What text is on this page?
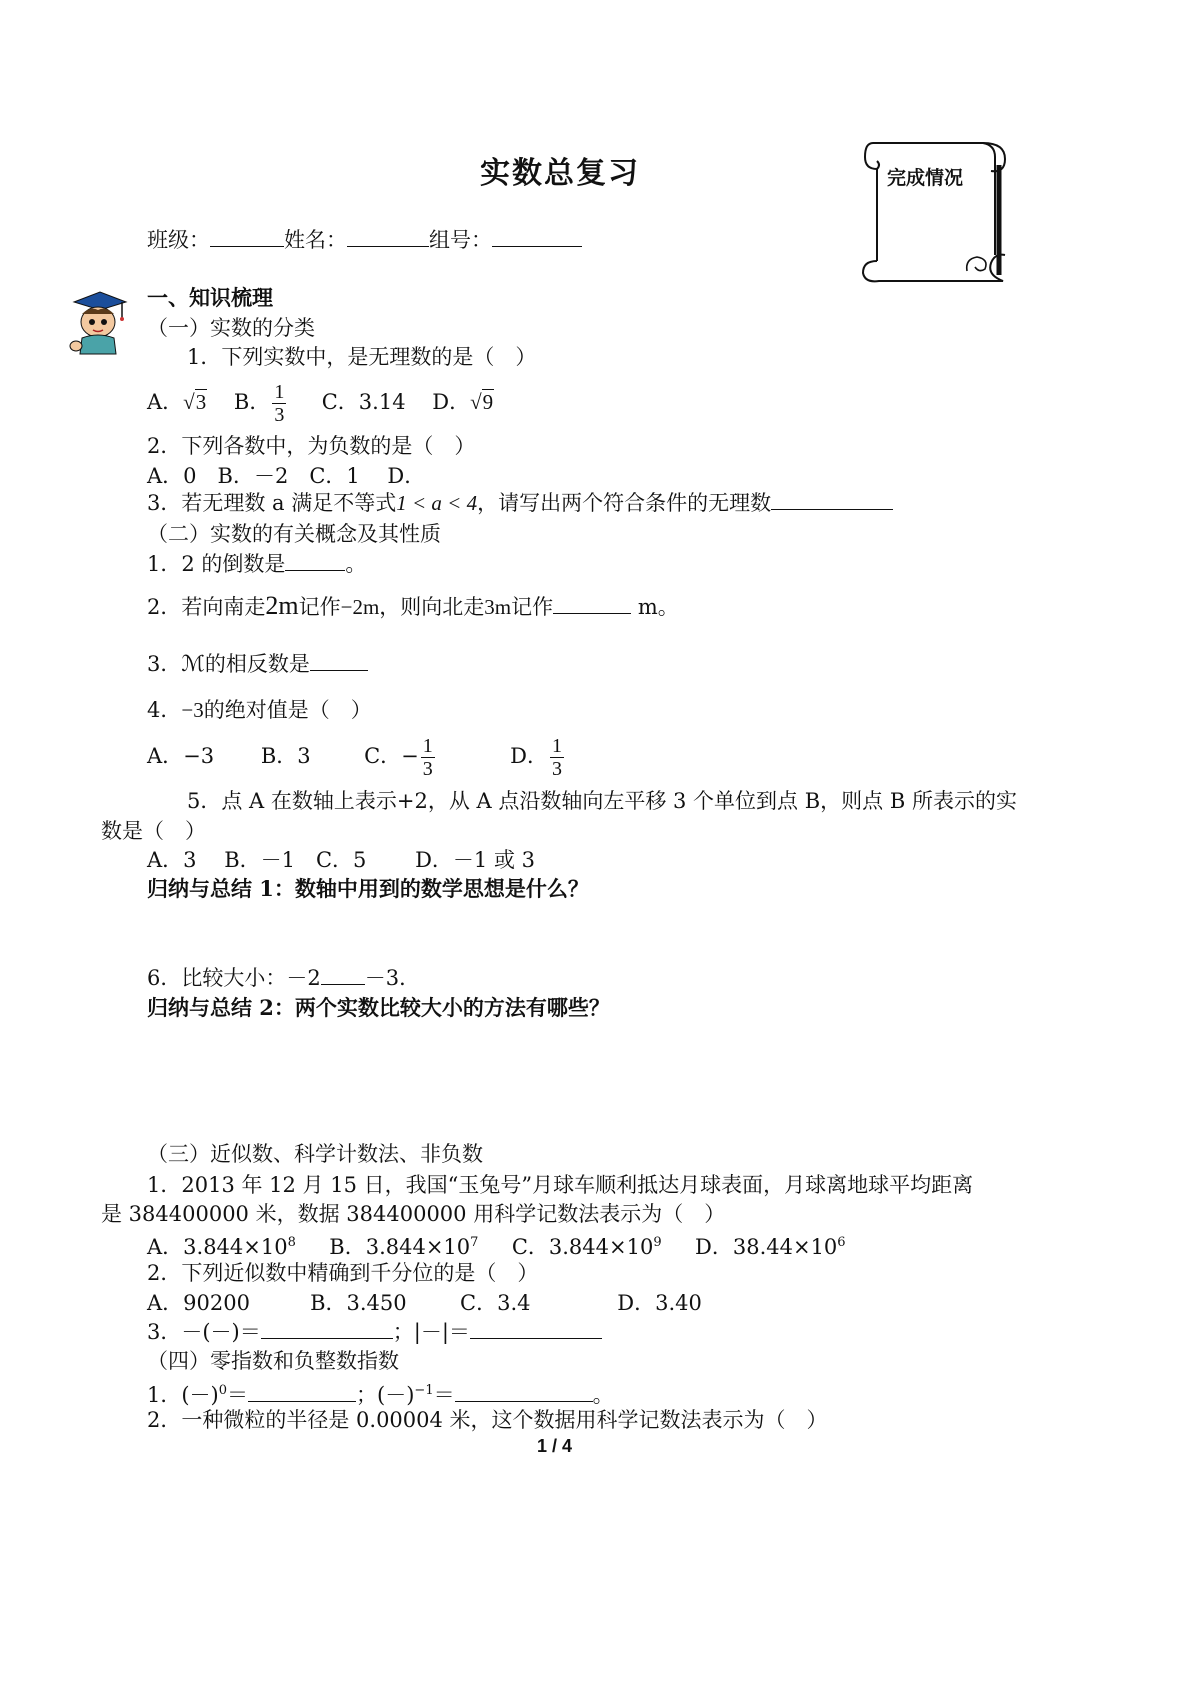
实数总复习	完成情况
班级：	姓名：	组号：
一、知识梳理
（一）实数的分类
1．下列实数中，是无理数的是（　）
A．√3 B． $\frac{1}{3}$ C．3.14 D．√9
2．下列各数中，为负数的是（　）
A．0　B．－2　C．1　 D．
3．若无理数 a 满足不等式1 < a < 4，请写出两个符合条件的无理数
（二）实数的有关概念及其性质
1．2 的倒数是	。
2．若向南走2m记作−2m，则向北走3m记作	m。
3．ℳ的相反数是
4．−3的绝对值是（　）
A．−3 B．3	C．− $\frac{1}{3}$	D． $\frac{1}{3}$
5．点 A 在数轴上表示+2，从 A 点沿数轴向左平移 3 个单位到点 B，则点 B 所表示的实
数是（　）
A．3　 B．－1　C．5　　 D．－1 或 3
归纳与总结 1：数轴中用到的数学思想是什么？
6．比较大小：－2 －3．
归纳与总结 2：两个实数比较大小的方法有哪些？
（三）近似数、科学计数法、非负数
1．2013 年 12 月 15 日，我国“玉兔号”月球车顺利抵达月球表面，月球离地球平均距离
是 384400000 米，数据 384400000 用科学记数法表示为（　）
A．$3.844\times 10^8$ B．$3.844\times 10^7$ C．$3.844\times 10^9$ D．$38.44\times 10^6$
2．下列近似数中精确到千分位的是（　）
A．90200	B．3.450	C．3.4	D．3.40
3．－(－)＝	；|－|＝
（四）零指数和负整数指数
1．$(-)^0=$	；$(-)^{-1}=$	。
2．一种微粒的半径是 0.00004 米，这个数据用科学记数法表示为（　）
1 / 4
